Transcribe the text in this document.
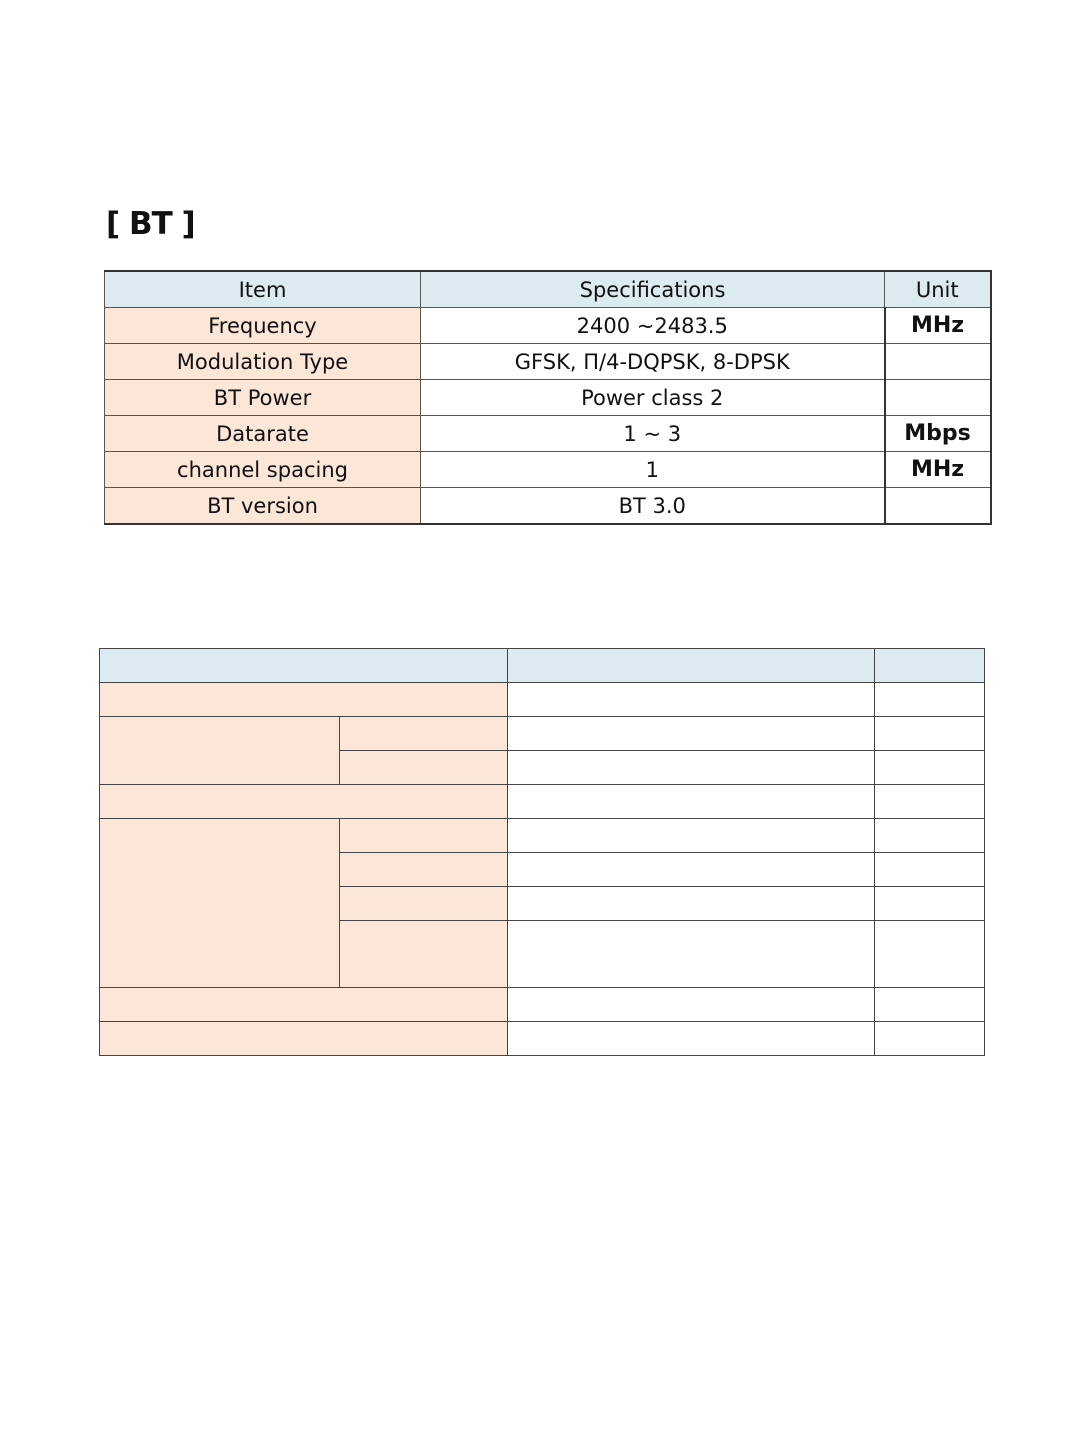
[ BT ]
Item	Specifications	Unit
Frequency	2400 ~2483.5	MHz
Modulation Type	GFSK, Π/4-DQPSK, 8-DPSK	
BT Power	Power class 2	
Datarate	1 ~ 3	Mbps
channel spacing	1	MHz
BT version	BT 3.0	
